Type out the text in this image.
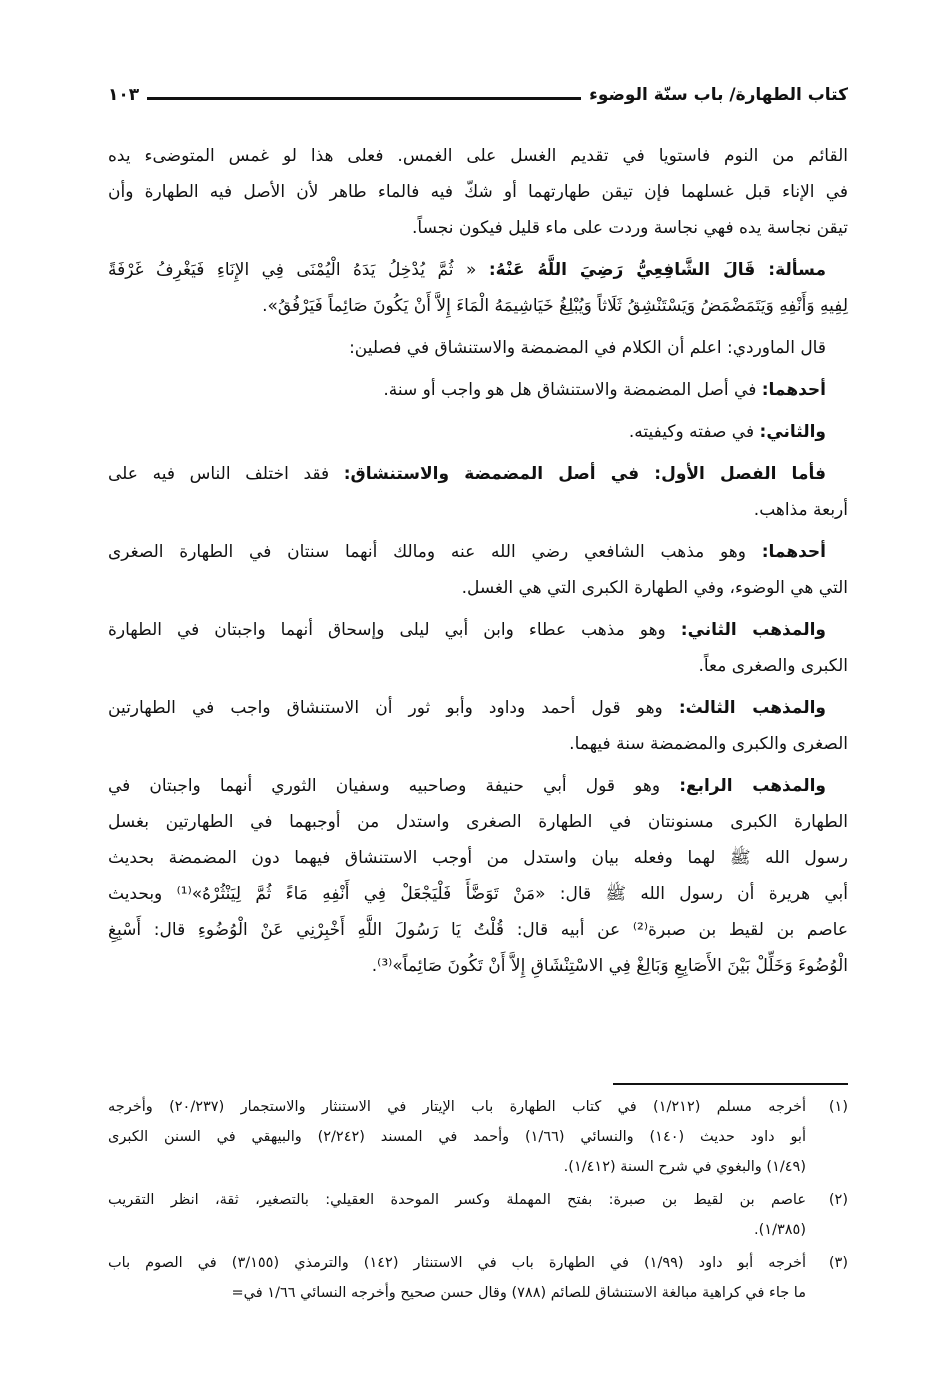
كتاب الطهارة/ باب سنّة الوضوء
١٠٣
القائم من النوم فاستويا في تقديم الغسل على الغمس. فعلى هذا لو غمس المتوضىء يده
في الإناء قبل غسلهما فإن تيقن طهارتهما أو شكّ فيه فالماء طاهر لأن الأصل فيه الطهارة وأن
تيقن نجاسة يده فهي نجاسة وردت على ماء قليل فيكون نجساً.
مسألة: قَالَ الشَّافِعِيُّ رَضِيَ اللَّهُ عَنْهُ: « ثُمَّ يُدْخِلُ يَدَهُ الْيُمْنَى فِي الإِنَاءِ فَيَغْرِفُ غَرْفَةً
لِفِيهِ وَأَنْفِهِ وَيَتَمَضْمَضُ وَيَسْتَنْشِقُ ثَلَاثاً وَيُبْلِغُ خَيَاشِيمَهُ الْمَاءَ إِلاَّ أَنْ يَكُونَ صَائِماً فَيَرْفُقُ».
قال الماوردي: اعلم أن الكلام في المضمضة والاستنشاق في فصلين:
أحدهما: في أصل المضمضة والاستنشاق هل هو واجب أو سنة.
والثاني: في صفته وكيفيته.
فأما الفصل الأول: في أصل المضمضة والاستنشاق: فقد اختلف الناس فيه على
أربعة مذاهب.
أحدهما: وهو مذهب الشافعي رضي الله عنه ومالك أنهما سنتان في الطهارة الصغرى
التي هي الوضوء، وفي الطهارة الكبرى التي هي الغسل.
والمذهب الثاني: وهو مذهب عطاء وابن أبي ليلى وإسحاق أنهما واجبتان في الطهارة
الكبرى والصغرى معاً.
والمذهب الثالث: وهو قول أحمد وداود وأبو ثور أن الاستنشاق واجب في الطهارتين
الصغرى والكبرى والمضمضة سنة فيهما.
والمذهب الرابع: وهو قول أبي حنيفة وصاحبيه وسفيان الثوري أنهما واجبتان في
الطهارة الكبرى مسنونتان في الطهارة الصغرى واستدل من أوجبهما في الطهارتين بغسل
رسول الله ﷺ لهما وفعله بيان واستدل من أوجب الاستنشاق فيهما دون المضمضة بحديث
أبي هريرة أن رسول الله ﷺ قال: «مَنْ تَوَضَّأَ فَلْيَجْعَلْ فِي أَنْفِهِ مَاءً ثُمَّ لِيَنْثُرْهُ»⁽¹⁾ وبحديث
عاصم بن لقيط بن صبرة⁽²⁾ عن أبيه قال: قُلْتُ يَا رَسُولَ اللَّهِ أَخْبِرْنِي عَنْ الْوُضُوءِ قال: أَسْبِغِ
الْوُضُوءَ وَخَلِّلْ بَيْنَ الأَصَابِعِ وَبَالِغْ فِي الاسْتِنْشَاقِ إِلاَّ أَنْ تَكُونَ صَائِماً»⁽³⁾.
(١)
أخرجه مسلم (١/٢١٢) في كتاب الطهارة باب الإيتار في الاستنثار والاستجمار (٢٠/٢٣٧) وأخرجه
أبو داود حديث (١٤٠) والنسائي (١/٦٦) وأحمد في المسند (٢/٢٤٢) والبيهقي في السنن الكبرى
(١/٤٩) والبغوي في شرح السنة (١/٤١٢).
(٢)
عاصم بن لقيط بن صبرة: بفتح المهملة وكسر الموحدة العقيلي: بالتصغير، ثقة، انظر التقريب
(١/٣٨٥).
(٣)
أخرجه أبو داود (١/٩٩) في الطهارة باب في الاستنثار (١٤٢) والترمذي (٣/١٥٥) في الصوم باب
ما جاء في كراهية مبالغة الاستنشاق للصائم (٧٨٨) وقال حسن صحيح وأخرجه النسائي ١/٦٦ في=
